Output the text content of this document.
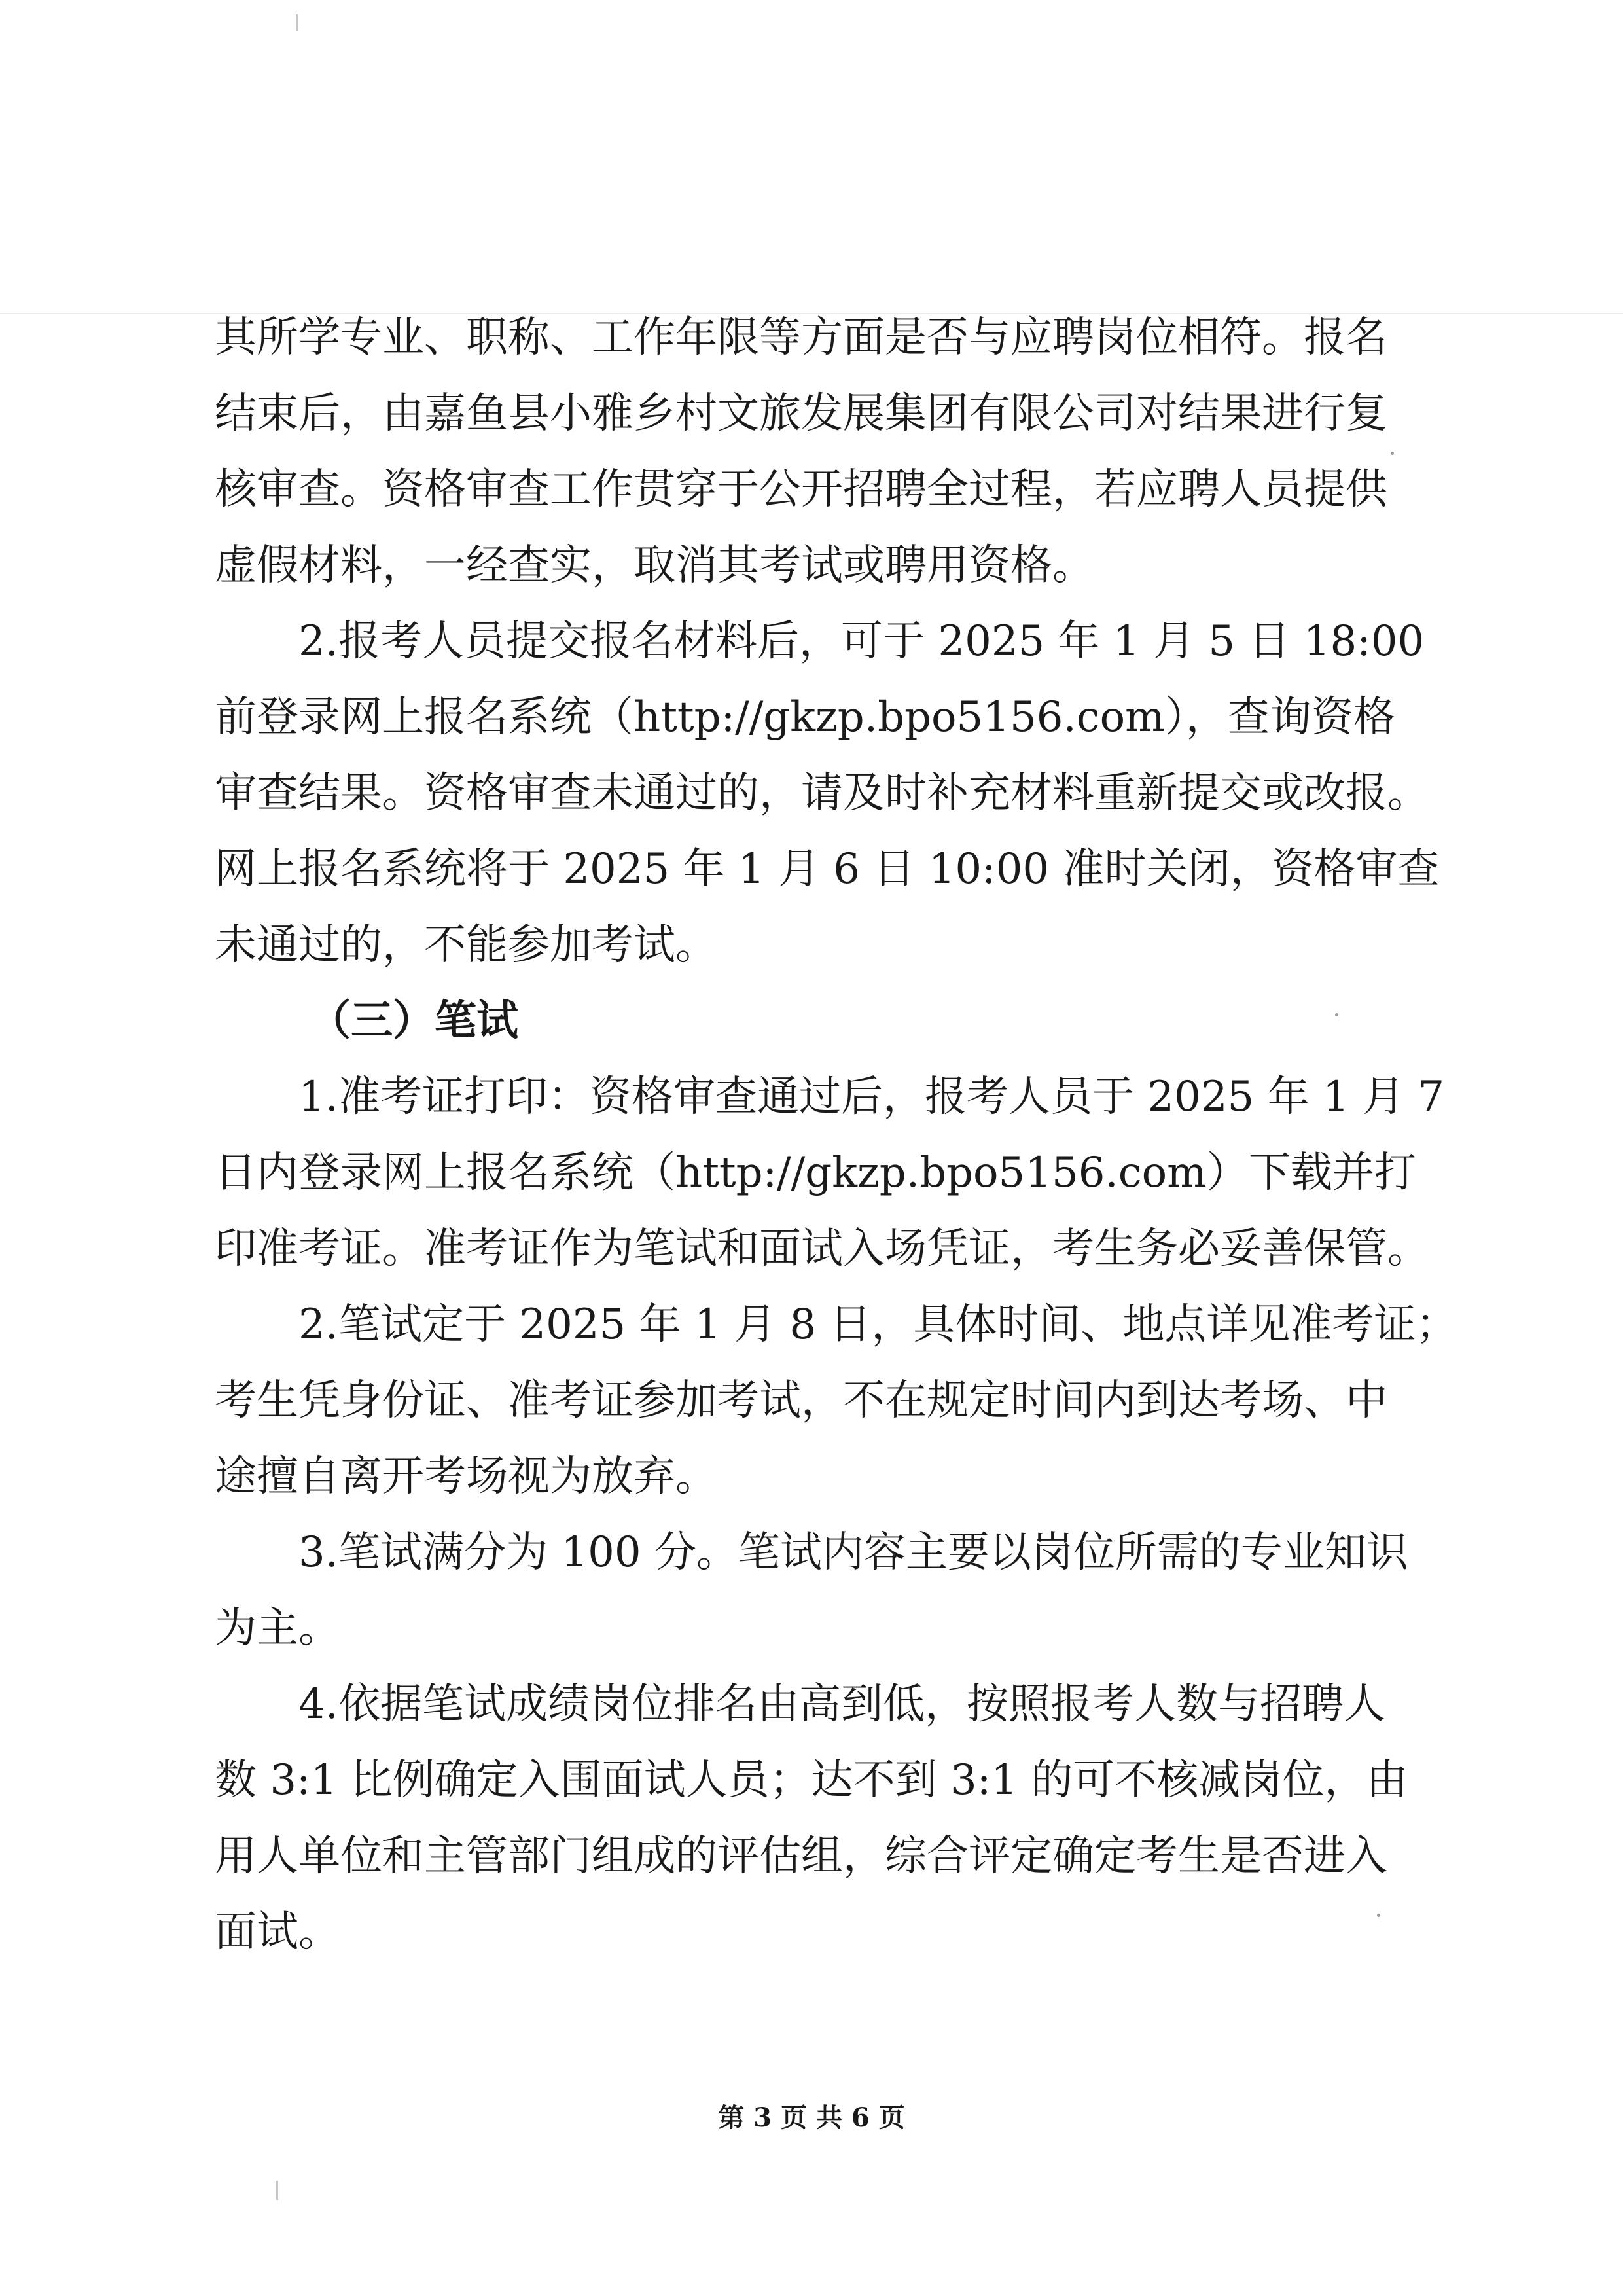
其所学专业、职称、工作年限等方面是否与应聘岗位相符。报名
结束后，由嘉鱼县小雅乡村文旅发展集团有限公司对结果进行复
核审查。资格审查工作贯穿于公开招聘全过程，若应聘人员提供
虚假材料，一经查实，取消其考试或聘用资格。
2.报考人员提交报名材料后，可于 2025 年 1 月 5 日 18:00
前登录网上报名系统（http://gkzp.bpo5156.com），查询资格
审查结果。资格审查未通过的，请及时补充材料重新提交或改报。
网上报名系统将于 2025 年 1 月 6 日 10:00 准时关闭，资格审查
未通过的，不能参加考试。
（三）笔试
1.准考证打印：资格审查通过后，报考人员于 2025 年 1 月 7
日内登录网上报名系统（http://gkzp.bpo5156.com）下载并打
印准考证。准考证作为笔试和面试入场凭证，考生务必妥善保管。
2.笔试定于 2025 年 1 月 8 日，具体时间、地点详见准考证；
考生凭身份证、准考证参加考试，不在规定时间内到达考场、中
途擅自离开考场视为放弃。
3.笔试满分为 100 分。笔试内容主要以岗位所需的专业知识
为主。
4.依据笔试成绩岗位排名由高到低，按照报考人数与招聘人
数 3:1 比例确定入围面试人员；达不到 3:1 的可不核减岗位，由
用人单位和主管部门组成的评估组，综合评定确定考生是否进入
面试。
第 3 页 共 6 页
